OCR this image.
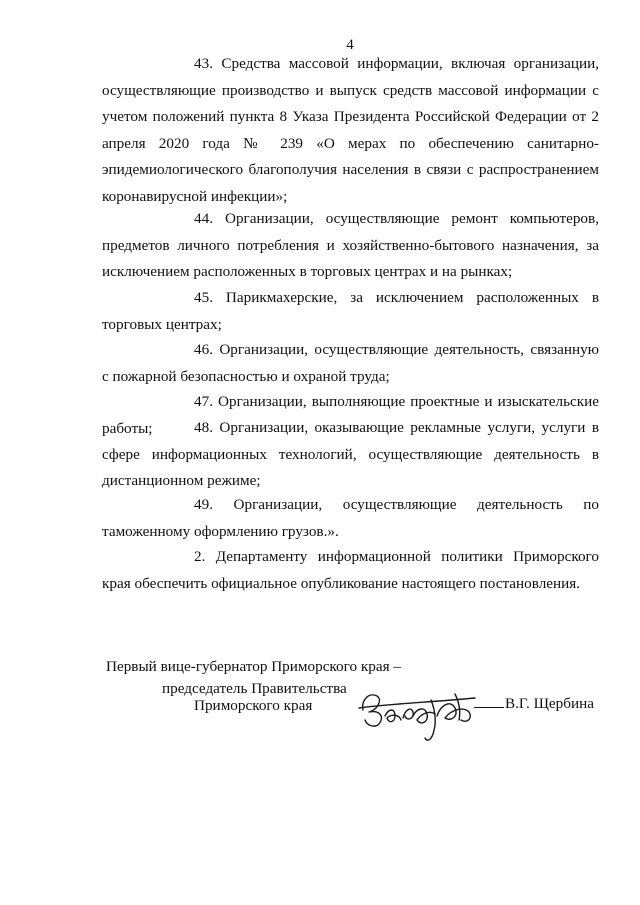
4
43. Средства массовой информации, включая организации, осуществляющие производство и выпуск средств массовой информации с учетом положений пункта 8 Указа Президента Российской Федерации от 2 апреля 2020 года № 239 «О мерах по обеспечению санитарно-эпидемиологического благополучия населения в связи с распространением коронавирусной инфекции»;
44. Организации, осуществляющие ремонт компьютеров, предметов личного потребления и хозяйственно-бытового назначения, за исключением расположенных в торговых центрах и на рынках;
45. Парикмахерские, за исключением расположенных в торговых центрах;
46. Организации, осуществляющие деятельность, связанную с пожарной безопасностью и охраной труда;
47. Организации, выполняющие проектные и изыскательские работы;	48. Организации, оказывающие рекламные услуги, услуги в сфере информационных технологий, осуществляющие деятельность в дистанционном режиме;
49. Организации, осуществляющие деятельность по таможенному оформлению грузов.».
2. Департаменту информационной политики Приморского края обеспечить официальное опубликование настоящего постановления.
Первый вице-губернатор Приморского края –
председатель Правительства
Приморского края	В.Г. Щербина
